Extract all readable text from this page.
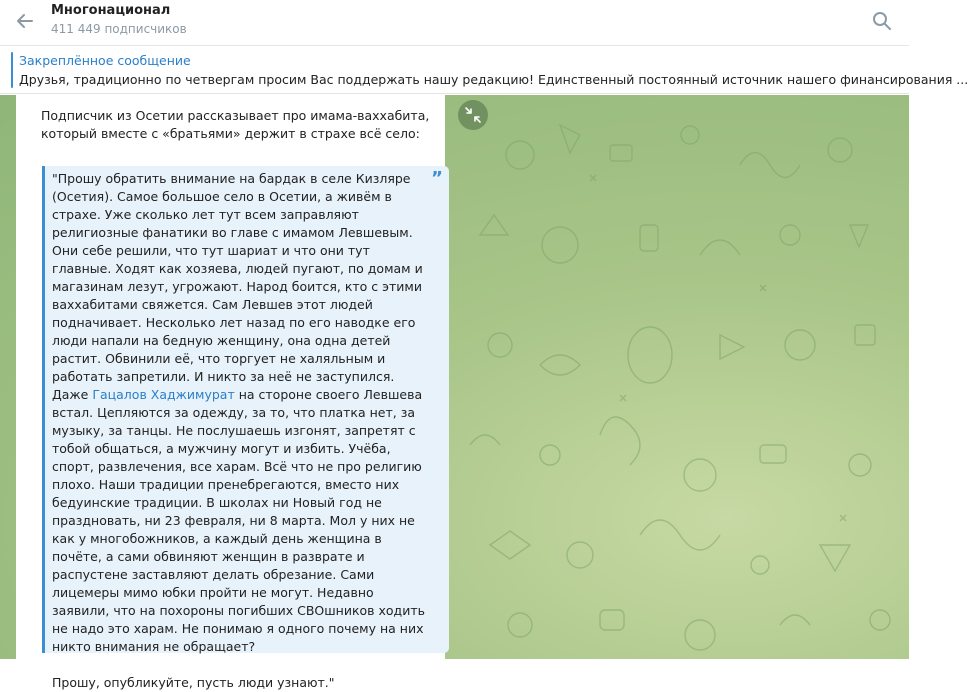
Многонационал
411 449 подписчиков
Закреплённое сообщение
Друзья, традиционно по четвергам просим Вас поддержать нашу редакцию! Единственный постоянный источник нашего финансирования ...
Подписчик из Осетии рассказывает про имама-ваххабита,
который вместе с «братьями» держит в страхе всё село:
”

"Прошу обратить внимание на бардак в селе Кизляре (Осетия). Самое большое село в Осетии, а живём в страхе. Уже сколько лет тут всем заправляют религиозные фанатики во главе с имамом Левшевым. Они себе решили, что тут шариат и что они тут главные. Ходят как хозяева, людей пугают, по домам и магазинам лезут, угрожают. Народ боится, кто с этими ваххабитами свяжется. Сам Левшев этот людей подначивает. Несколько лет назад по его наводке его люди напали на бедную женщину, она одна детей растит. Обвинили её, что торгует не халяльным и работать запретили. И никто за неё не заступился. Даже Гацалов Хаджимурат на стороне своего Левшева встал. Цепляются за одежду, за то, что платка нет, за музыку, за танцы. Не послушаешь изгонят, запретят с тобой общаться, а мужчину могут и избить. Учёба, спорт, развлечения, все харам. Всё что не про религию плохо. Наши традиции пренебрегаются, вместо них бедуинские традиции. В школах ни Новый год не праздновать, ни 23 февраля, ни 8 марта. Мол у них не как у многобожников, а каждый день женщина в почёте, а сами обвиняют женщин в разврате и распустене заставляют делать обрезание. Сами лицемеры мимо юбки пройти не могут. Недавно заявили, что на похороны погибших СВОшников ходить не надо это харам. Не понимаю я одного почему на них никто внимания не обращает?

Прошу, опубликуйте, пусть люди узнают."
